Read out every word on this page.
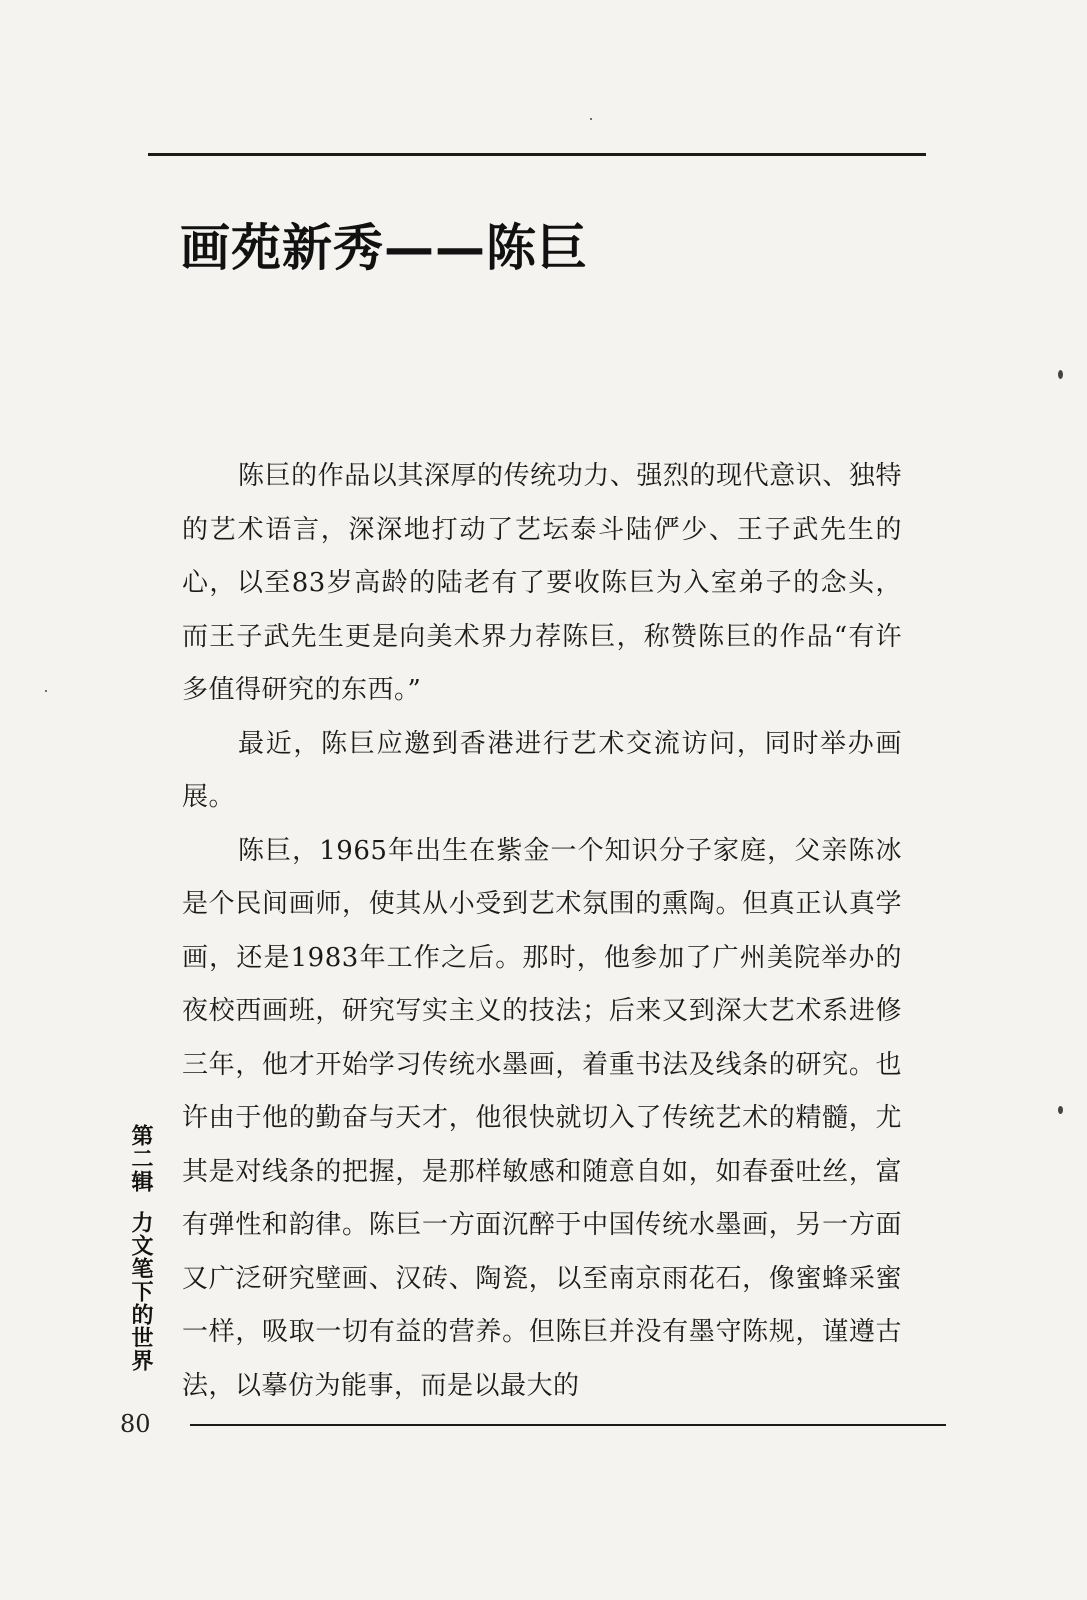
画苑新秀——陈巨

陈巨的作品以其深厚的传统功力、强烈的现代意识、独特的艺术语言，深深地打动了艺坛泰斗陆俨少、王子武先生的心，以至83岁高龄的陆老有了要收陈巨为入室弟子的念头，而王子武先生更是向美术界力荐陈巨，称赞陈巨的作品“有许多值得研究的东西。”

最近，陈巨应邀到香港进行艺术交流访问，同时举办画展。

陈巨，1965年出生在紫金一个知识分子家庭，父亲陈冰是个民间画师，使其从小受到艺术氛围的熏陶。但真正认真学画，还是1983年工作之后。那时，他参加了广州美院举办的夜校西画班，研究写实主义的技法；后来又到深大艺术系进修三年，他才开始学习传统水墨画，着重书法及线条的研究。也许由于他的勤奋与天才，他很快就切入了传统艺术的精髓，尤其是对线条的把握，是那样敏感和随意自如，如春蚕吐丝，富有弹性和韵律。陈巨一方面沉醉于中国传统水墨画，另一方面又广泛研究壁画、汉砖、陶瓷，以至南京雨花石，像蜜蜂采蜜一样，吸取一切有益的营养。但陈巨并没有墨守陈规，谨遵古法，以摹仿为能事，而是以最大的

第二辑力文笔下的世界
80
